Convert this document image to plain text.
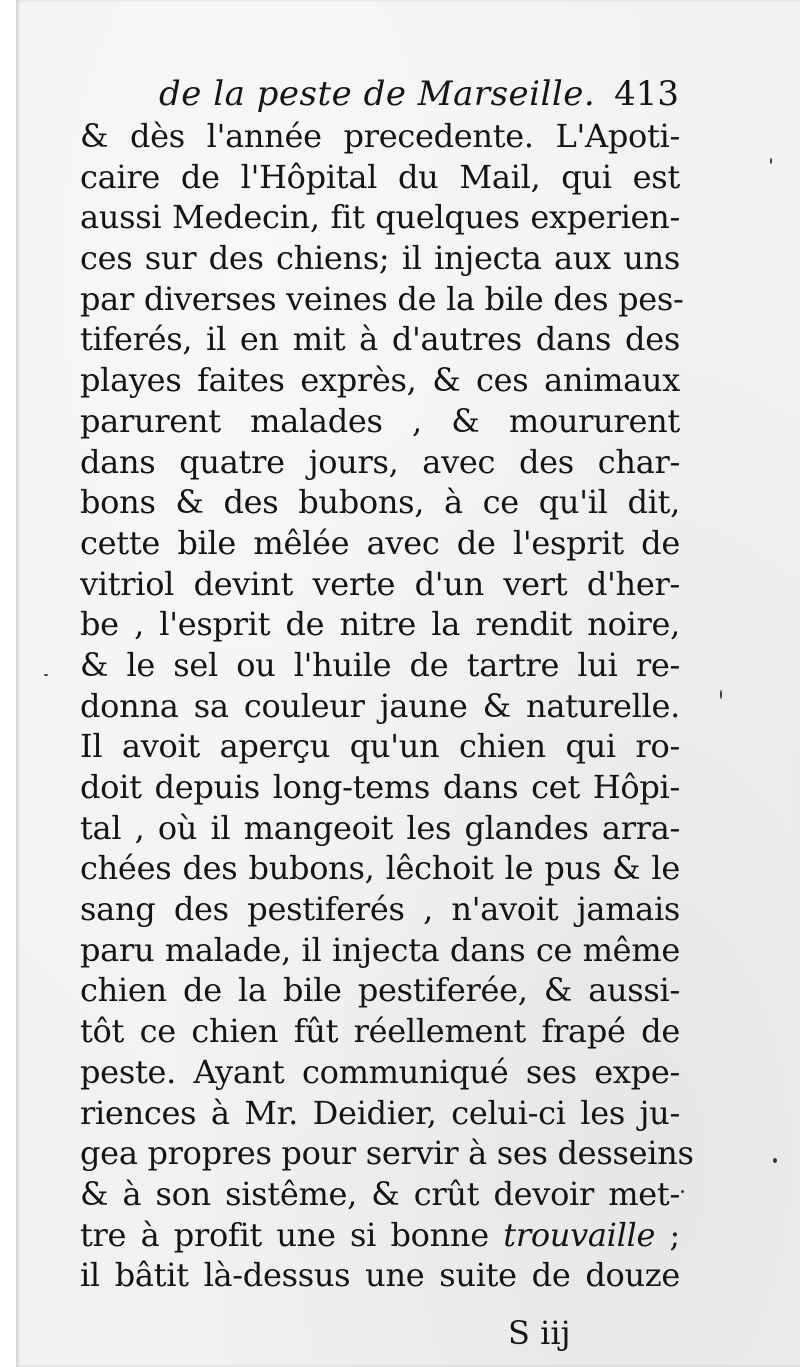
de la peste de Marseille. 413
& dès l'année precedente. L'Apoti-
caire de l'Hôpital du Mail, qui est
aussi Medecin, fit quelques experien-
ces sur des chiens; il injecta aux uns
par diverses veines de la bile des pes-
tiferés, il en mit à d'autres dans des
playes faites exprès, & ces animaux
parurent malades , & moururent
dans quatre jours, avec des char-
bons & des bubons, à ce qu'il dit,
cette bile mêlée avec de l'esprit de
vitriol devint verte d'un vert d'her-
be , l'esprit de nitre la rendit noire,
& le sel ou l'huile de tartre lui re-
donna sa couleur jaune & naturelle.
Il avoit aperçu qu'un chien qui ro-
doit depuis long-tems dans cet Hôpi-
tal , où il mangeoit les glandes arra-
chées des bubons, lêchoit le pus & le
sang des pestiferés , n'avoit jamais
paru malade, il injecta dans ce même
chien de la bile pestiferée, & aussi-
tôt ce chien fût réellement frapé de
peste. Ayant communiqué ses expe-
riences à Mr. Deidier, celui-ci les ju-
gea propres pour servir à ses desseins
& à son sistême, & crût devoir met-
tre à profit une si bonne trouvaille ;
il bâtit là-dessus une suite de douze
S iij
